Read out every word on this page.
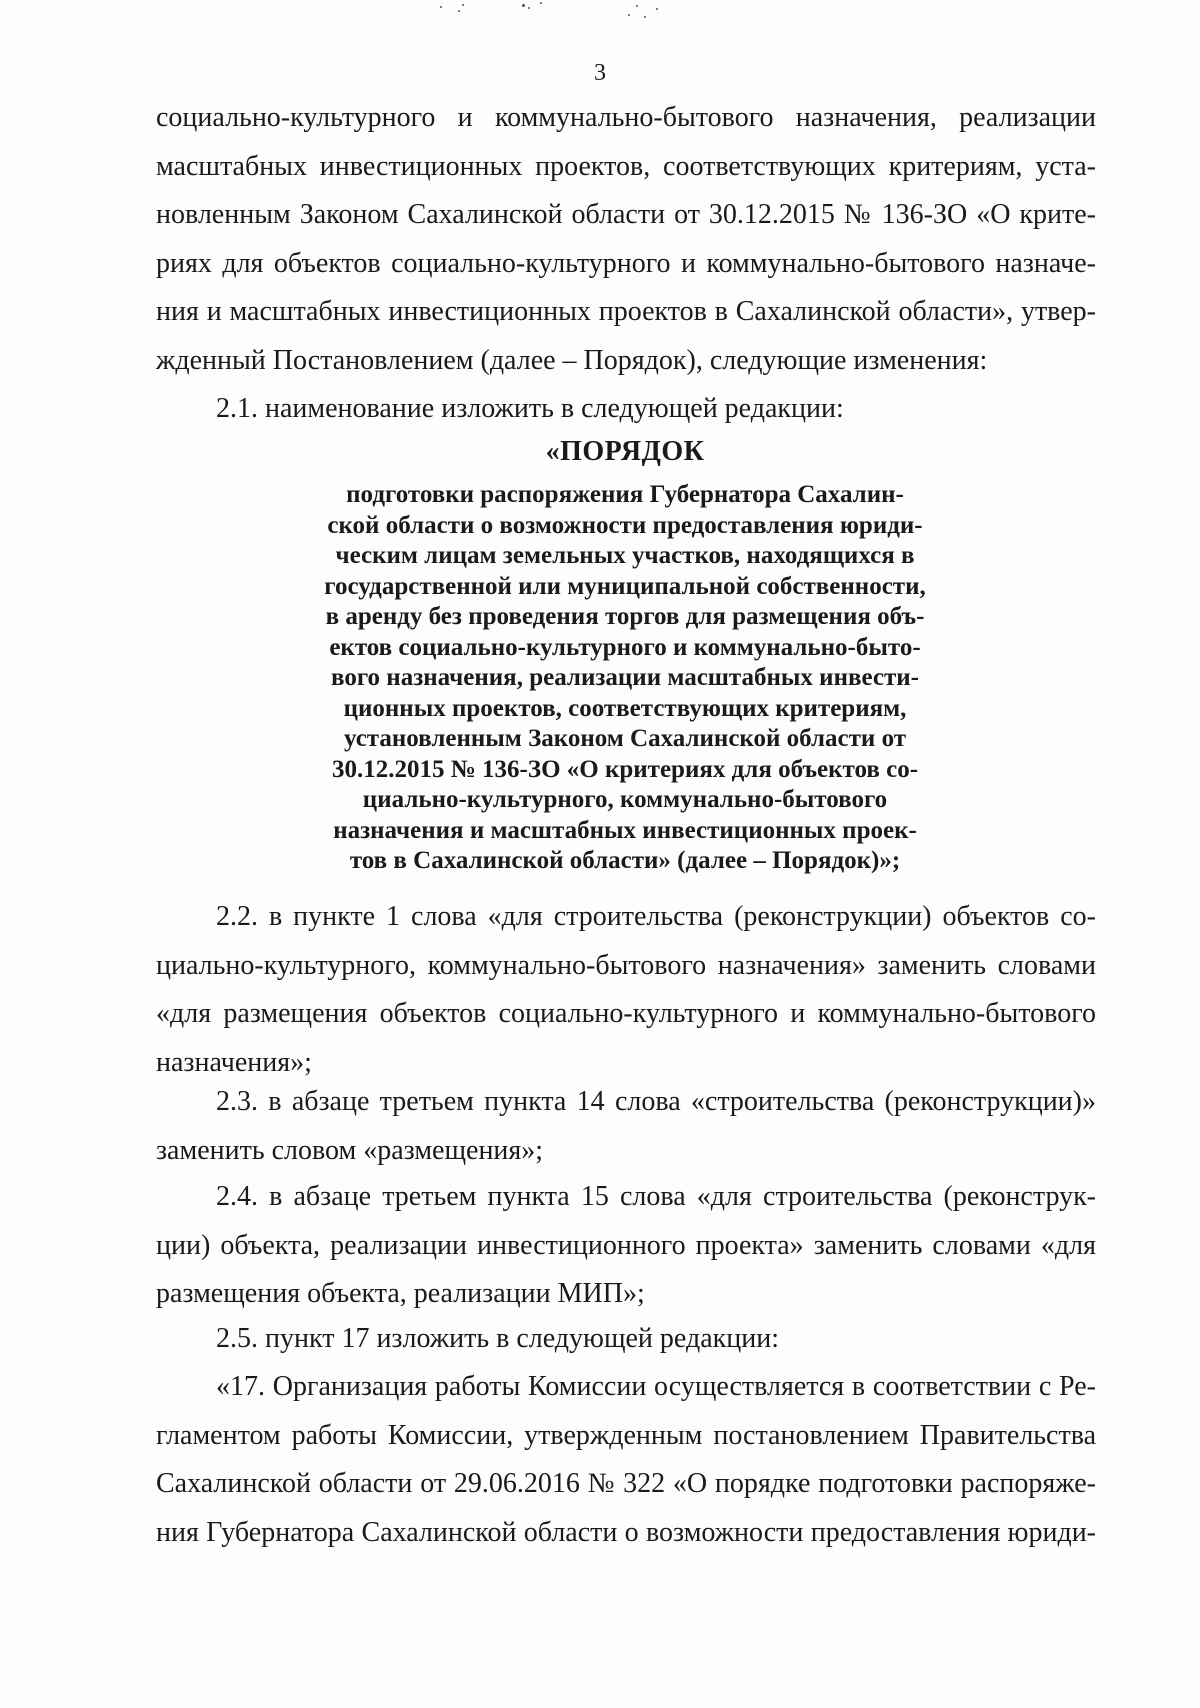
3
социально-культурного и коммунально-бытового назначения, реализации
масштабных инвестиционных проектов, соответствующих критериям, уста-
новленным Законом Сахалинской области от 30.12.2015 № 136-ЗО «О крите-
риях для объектов социально-культурного и коммунально-бытового назначе-
ния и масштабных инвестиционных проектов в Сахалинской области», утвер-
жденный Постановлением (далее – Порядок), следующие изменения:
2.1. наименование изложить в следующей редакции:
«ПОРЯДОК
подготовки распоряжения Губернатора Сахалин-
ской области о возможности предоставления юриди-
ческим лицам земельных участков, находящихся в
государственной или муниципальной собственности,
в аренду без проведения торгов для размещения объ-
ектов социально-культурного и коммунально-быто-
вого назначения, реализации масштабных инвести-
ционных проектов, соответствующих критериям,
установленным Законом Сахалинской области от
30.12.2015 № 136-ЗО «О критериях для объектов со-
циально-культурного, коммунально-бытового
назначения и масштабных инвестиционных проек-
тов в Сахалинской области» (далее – Порядок)»;
2.2. в пункте 1 слова «для строительства (реконструкции) объектов со-
циально-культурного, коммунально-бытового назначения» заменить словами
«для размещения объектов социально-культурного и коммунально-бытового
назначения»;
2.3. в абзаце третьем пункта 14 слова «строительства (реконструкции)»
заменить словом «размещения»;
2.4. в абзаце третьем пункта 15 слова «для строительства (реконструк-
ции) объекта, реализации инвестиционного проекта» заменить словами «для
размещения объекта, реализации МИП»;
2.5. пункт 17 изложить в следующей редакции:
«17. Организация работы Комиссии осуществляется в соответствии с Ре-
гламентом работы Комиссии, утвержденным постановлением Правительства
Сахалинской области от 29.06.2016 № 322 «О порядке подготовки распоряже-
ния Губернатора Сахалинской области о возможности предоставления юриди-
